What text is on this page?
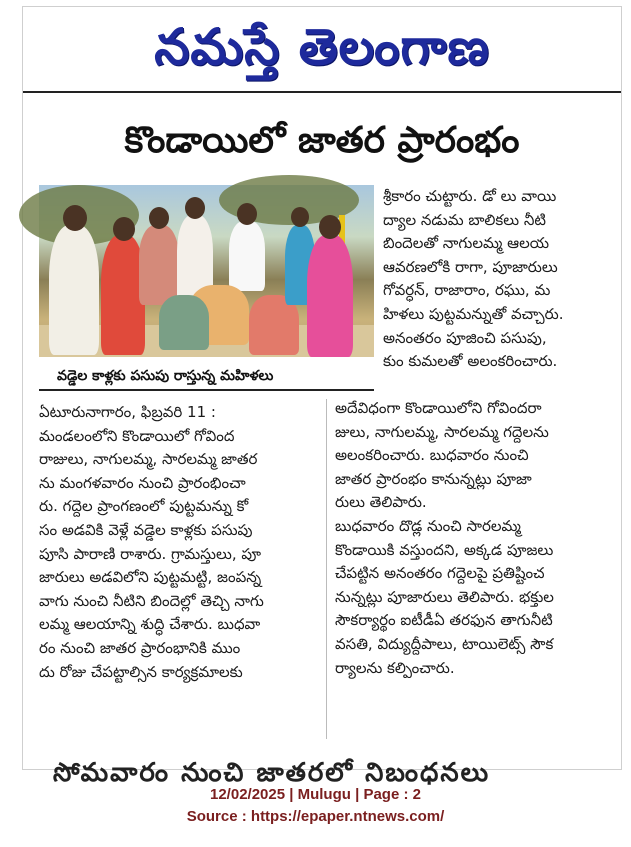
నమస్తే తెలంగాణ
కొండాయిలో జాతర ప్రారంభం
వడ్డెల కాళ్లకు పసుపు రాస్తున్న మహిళలు
శ్రీకారం చుట్టారు. డో లు వాయి
ద్యాల నడుమ బాలికలు నీటి
బిందెలతో నాగులమ్మ ఆలయ
ఆవరణలోకి రాగా, పూజారులు
గోవర్ధన్, రాజారాం, రఘు, మ
హిళలు పుట్టమన్నుతో వచ్చారు.
అనంతరం పూజించి పసుపు,
కుం కుమలతో అలంకరించారు.
ఏటూరునాగారం, ఫిబ్రవరి 11 :
మండలంలోని కొండాయిలో గోవింద
రాజులు, నాగులమ్మ, సారలమ్మ జాతర
ను మంగళవారం నుంచి ప్రారంభించా
రు. గద్దెల ప్రాంగణంలో పుట్టమన్ను కో
సం అడవికి వెళ్లే వడ్డెల కాళ్లకు పసుపు
పూసి పారాణి రాశారు. గ్రామస్తులు, పూ
జారులు అడవిలోని పుట్టమట్టి, జంపన్న
వాగు నుంచి నీటిని బిందెల్లో తెచ్చి నాగు
లమ్మ ఆలయాన్ని శుద్ధి చేశారు. బుధవా
రం నుంచి జాతర ప్రారంభానికి ముం
దు రోజు చేపట్టాల్సిన కార్యక్రమాలకు
అదేవిధంగా కొండాయిలోని గోవిందరా
జులు, నాగులమ్మ, సారలమ్మ గద్దెలను
అలంకరించారు. బుధవారం నుంచి
జాతర ప్రారంభం కానున్నట్లు పూజా
రులు తెలిపారు.
బుధవారం దొడ్ల నుంచి సారలమ్మ
కొండాయికి వస్తుందని, అక్కడ పూజలు
చేపట్టిన అనంతరం గద్దెలపై ప్రతిష్టించ
నున్నట్లు పూజారులు తెలిపారు. భక్తుల
సౌకర్యార్థం ఐటీడీఏ తరఫున తాగునీటి
వసతి, విద్యుద్దీపాలు, టాయిలెట్స్ సౌక
ర్యాలను కల్పించారు.
సోమవారం నుంచి జాతరలో నిబంధనలు
12/02/2025 | Mulugu | Page : 2
Source : https://epaper.ntnews.com/
